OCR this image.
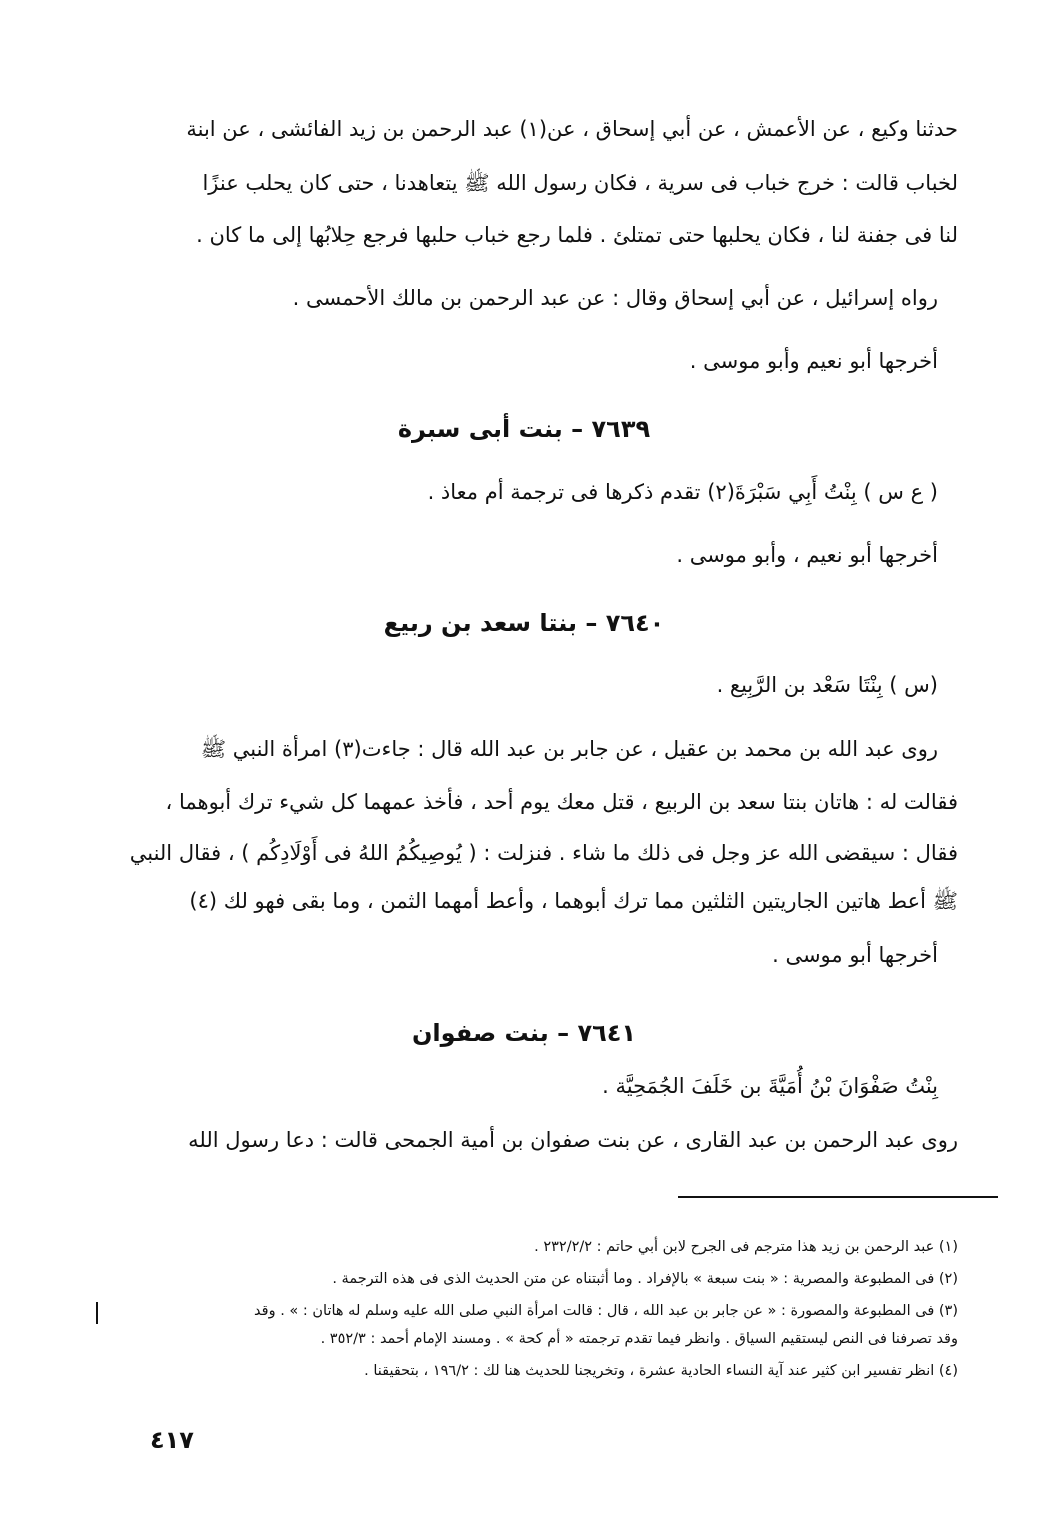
حدثنا وكيع ، عن الأعمش ، عن أبي إسحاق ، عن(١) عبد الرحمن بن زيد الفائشى ، عن ابنة
لخباب قالت : خرج خباب فى سرية ، فكان رسول الله ﷺ يتعاهدنا ، حتى كان يحلب عنزًا
لنا فى جفنة لنا ، فكان يحلبها حتى تمتلئ . فلما رجع خباب حلبها فرجع حِلابُها إلى ما كان .
رواه إسرائيل ، عن أبي إسحاق وقال : عن عبد الرحمن بن مالك الأحمسى .
أخرجها أبو نعيم وأبو موسى .
٧٦٣٩ – بنت أبى سبرة
( ع س ) بِنْتُ أَبِي سَبْرَةَ(٢) تقدم ذكرها فى ترجمة أم معاذ .
أخرجها أبو نعيم ، وأبو موسى .
٧٦٤٠ – بنتا سعد بن ربيع
(س ) بِنْتَا سَعْد بن الرَّبِيع .
روى عبد الله بن محمد بن عقيل ، عن جابر بن عبد الله قال : جاءت(٣) امرأة النبي ﷺ
فقالت له : هاتان بنتا سعد بن الربيع ، قتل معك يوم أحد ، فأخذ عمهما كل شيء ترك أبوهما ،
فقال : سيقضى الله عز وجل فى ذلك ما شاء . فنزلت : ( يُوصِيكُمُ اللهُ فى أَوْلَادِكُم ) ، فقال النبي
ﷺ أعط هاتين الجاريتين الثلثين مما ترك أبوهما ، وأعط أمهما الثمن ، وما بقى فهو لك (٤)
أخرجها أبو موسى .
٧٦٤١ – بنت صفوان
بِنْتُ صَفْوَانَ بْنُ أُمَيَّةَ بن خَلَفَ الجُمَحِيَّة .
روى عبد الرحمن بن عبد القارى ، عن بنت صفوان بن أمية الجمحى قالت : دعا رسول الله
(١) عبد الرحمن بن زيد هذا مترجم فى الجرح لابن أبي حاتم : ٢٣٢/٢/٢ .
(٢) فى المطبوعة والمصرية : « بنت سبعة » بالإفراد . وما أثبتناه عن متن الحديث الذى فى هذه الترجمة .
(٣) فى المطبوعة والمصورة : « عن جابر بن عبد الله ، قال : قالت امرأة النبي صلى الله عليه وسلم له هاتان : » . وقد
وقد تصرفنا فى النص ليستقيم السياق . وانظر فيما تقدم ترجمته « أم كحة » . ومسند الإمام أحمد : ٣٥٢/٣ .
(٤) انظر تفسير ابن كثير عند آية النساء الحادية عشرة ، وتخريجنا للحديث هنا لك : ١٩٦/٢ ، بتحقيقنا .
٤١٧
